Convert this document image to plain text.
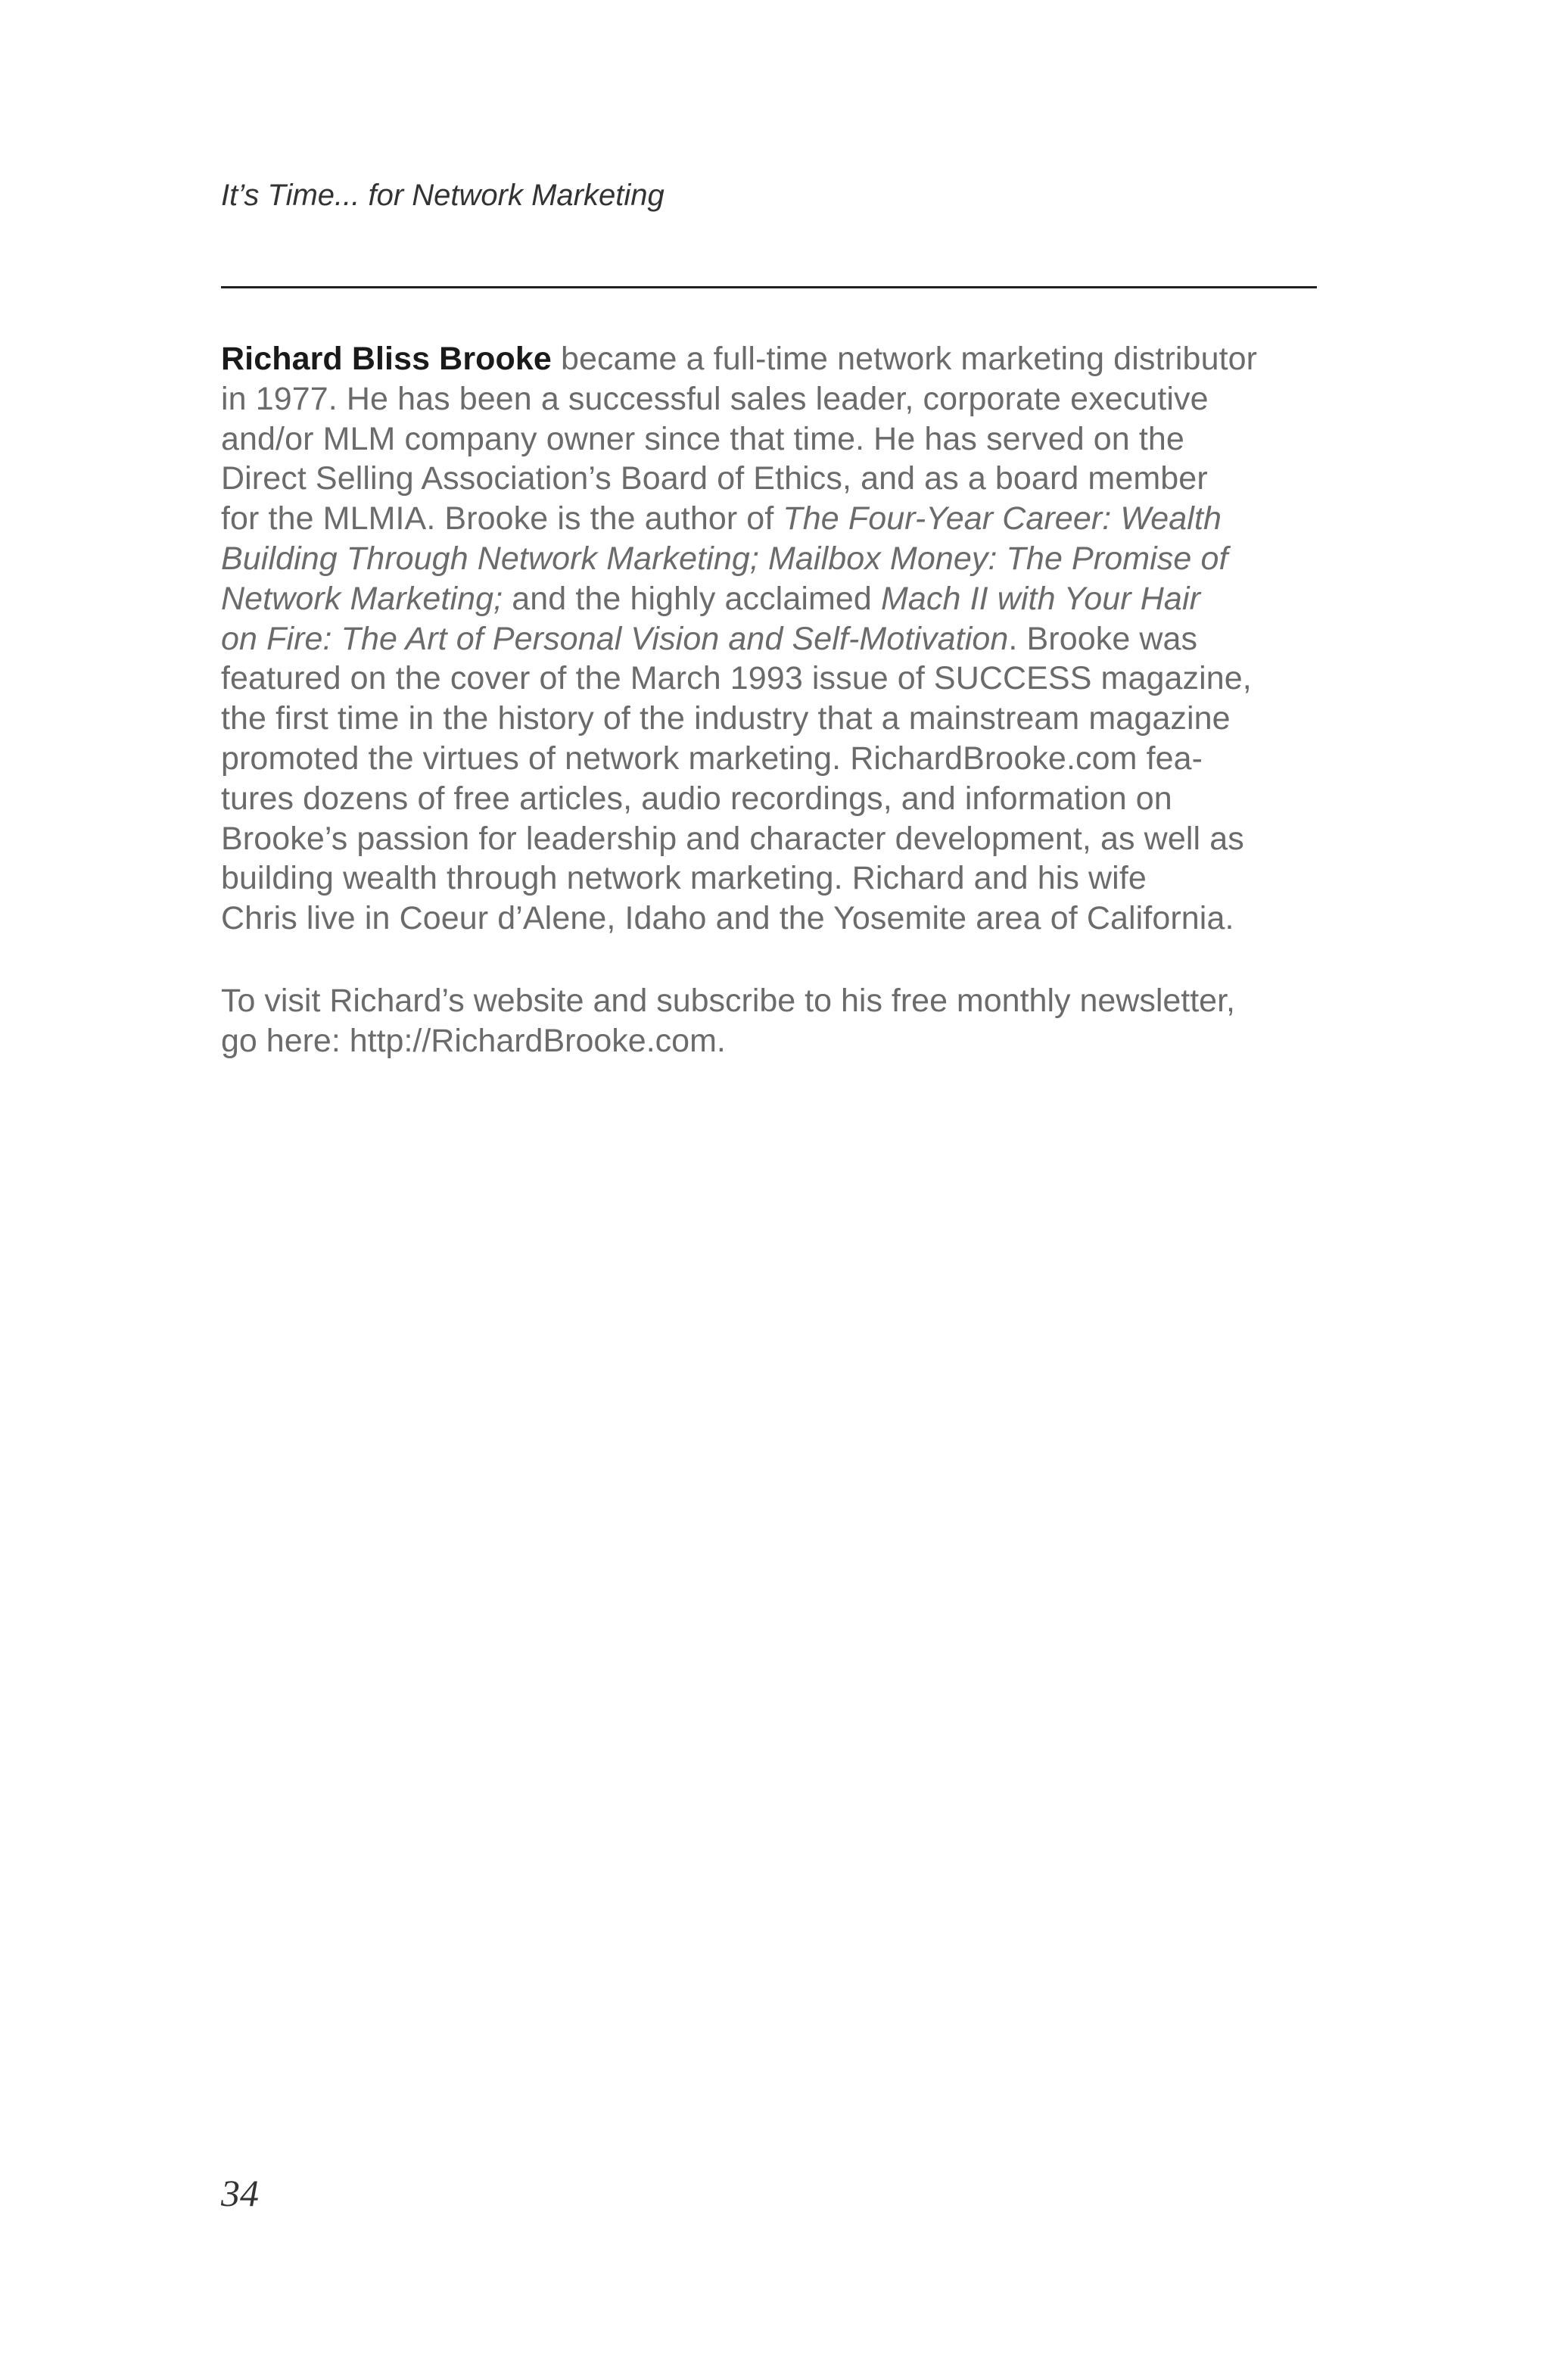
It’s Time... for Network Marketing
Richard Bliss Brooke became a full-time network marketing distributor
in 1977. He has been a successful sales leader, corporate executive
and/or MLM company owner since that time. He has served on the
Direct Selling Association’s Board of Ethics, and as a board member
for the MLMIA. Brooke is the author of The Four-Year Career: Wealth
Building Through Network Marketing; Mailbox Money: The Promise of
Network Marketing; and the highly acclaimed Mach II with Your Hair
on Fire: The Art of Personal Vision and Self-Motivation. Brooke was
featured on the cover of the March 1993 issue of SUCCESS magazine,
the first time in the history of the industry that a mainstream magazine
promoted the virtues of network marketing. RichardBrooke.com fea-
tures dozens of free articles, audio recordings, and information on
Brooke’s passion for leadership and character development, as well as
building wealth through network marketing. Richard and his wife
Chris live in Coeur d’Alene, Idaho and the Yosemite area of California.
To visit Richard’s website and subscribe to his free monthly newsletter,
go here: http://RichardBrooke.com.
34
